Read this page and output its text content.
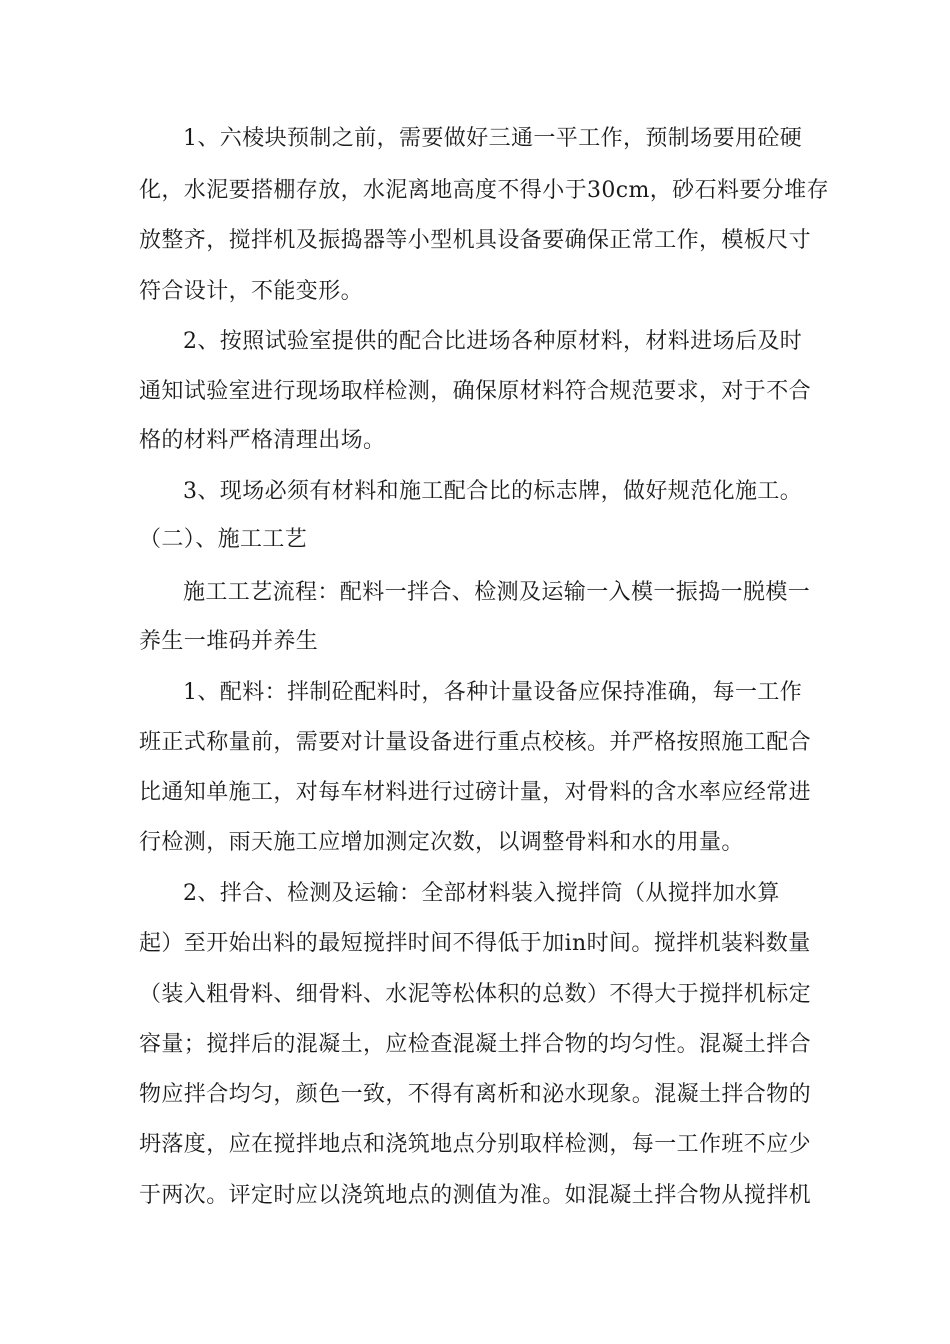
1、六棱块预制之前，需要做好三通一平工作，预制场要用砼硬
化，水泥要搭棚存放，水泥离地高度不得小于30cm，砂石料要分堆存
放整齐，搅拌机及振捣器等小型机具设备要确保正常工作，模板尺寸
符合设计，不能变形。
2、按照试验室提供的配合比进场各种原材料，材料进场后及时
通知试验室进行现场取样检测，确保原材料符合规范要求，对于不合
格的材料严格清理出场。
3、现场必须有材料和施工配合比的标志牌，做好规范化施工。
（二）、施工工艺
施工工艺流程：配料一拌合、检测及运输一入模一振捣一脱模一
养生一堆码并养生
1、配料：拌制砼配料时，各种计量设备应保持准确，每一工作
班正式称量前，需要对计量设备进行重点校核。并严格按照施工配合
比通知单施工，对每车材料进行过磅计量，对骨料的含水率应经常进
行检测，雨天施工应增加测定次数，以调整骨料和水的用量。
2、拌合、检测及运输：全部材料装入搅拌筒（从搅拌加水算
起）至开始出料的最短搅拌时间不得低于加in时间。搅拌机装料数量
（装入粗骨料、细骨料、水泥等松体积的总数）不得大于搅拌机标定
容量；搅拌后的混凝土，应检查混凝土拌合物的均匀性。混凝土拌合
物应拌合均匀，颜色一致，不得有离析和泌水现象。混凝土拌合物的
坍落度，应在搅拌地点和浇筑地点分别取样检测，每一工作班不应少
于两次。评定时应以浇筑地点的测值为准。如混凝土拌合物从搅拌机
